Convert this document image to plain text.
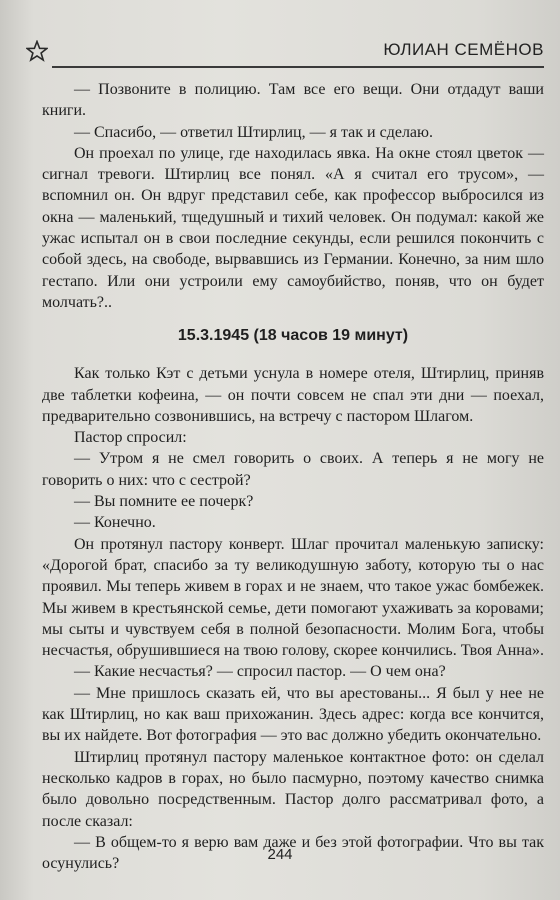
ЮЛИАН СЕМЁНОВ

— Позвоните в полицию. Там все его вещи. Они отдадут ваши книги.

— Спасибо, — ответил Штирлиц, — я так и сделаю.

Он проехал по улице, где находилась явка. На окне стоял цветок — сигнал тревоги. Штирлиц все понял. «А я считал его трусом», — вспомнил он. Он вдруг представил себе, как профессор выбросился из окна — маленький, тщедушный и тихий человек. Он подумал: какой же ужас испытал он в свои последние секунды, если решился покончить с собой здесь, на свободе, вырвавшись из Германии. Конечно, за ним шло гестапо. Или они устроили ему самоубийство, поняв, что он будет молчать?..

15.3.1945 (18 часов 19 минут)

Как только Кэт с детьми уснула в номере отеля, Штирлиц, приняв две таблетки кофеина, — он почти совсем не спал эти дни — поехал, предварительно созвонившись, на встречу с пастором Шлагом.

Пастор спросил:

— Утром я не смел говорить о своих. А теперь я не могу не говорить о них: что с сестрой?

— Вы помните ее почерк?

— Конечно.

Он протянул пастору конверт. Шлаг прочитал маленькую записку: «Дорогой брат, спасибо за ту великодушную заботу, которую ты о нас проявил. Мы теперь живем в горах и не знаем, что такое ужас бомбежек. Мы живем в крестьянской семье, дети помогают ухаживать за коровами; мы сыты и чувствуем себя в полной безопасности. Молим Бога, чтобы несчастья, обрушившиеся на твою голову, скорее кончились. Твоя Анна».

— Какие несчастья? — спросил пастор. — О чем она?

— Мне пришлось сказать ей, что вы арестованы... Я был у нее не как Штирлиц, но как ваш прихожанин. Здесь адрес: когда все кончится, вы их найдете. Вот фотография — это вас должно убедить окончательно.

Штирлиц протянул пастору маленькое контактное фото: он сделал несколько кадров в горах, но было пасмурно, поэтому качество снимка было довольно посредственным. Пастор долго рассматривал фото, а после сказал:

— В общем-то я верю вам даже и без этой фотографии. Что вы так осунулись?

244
